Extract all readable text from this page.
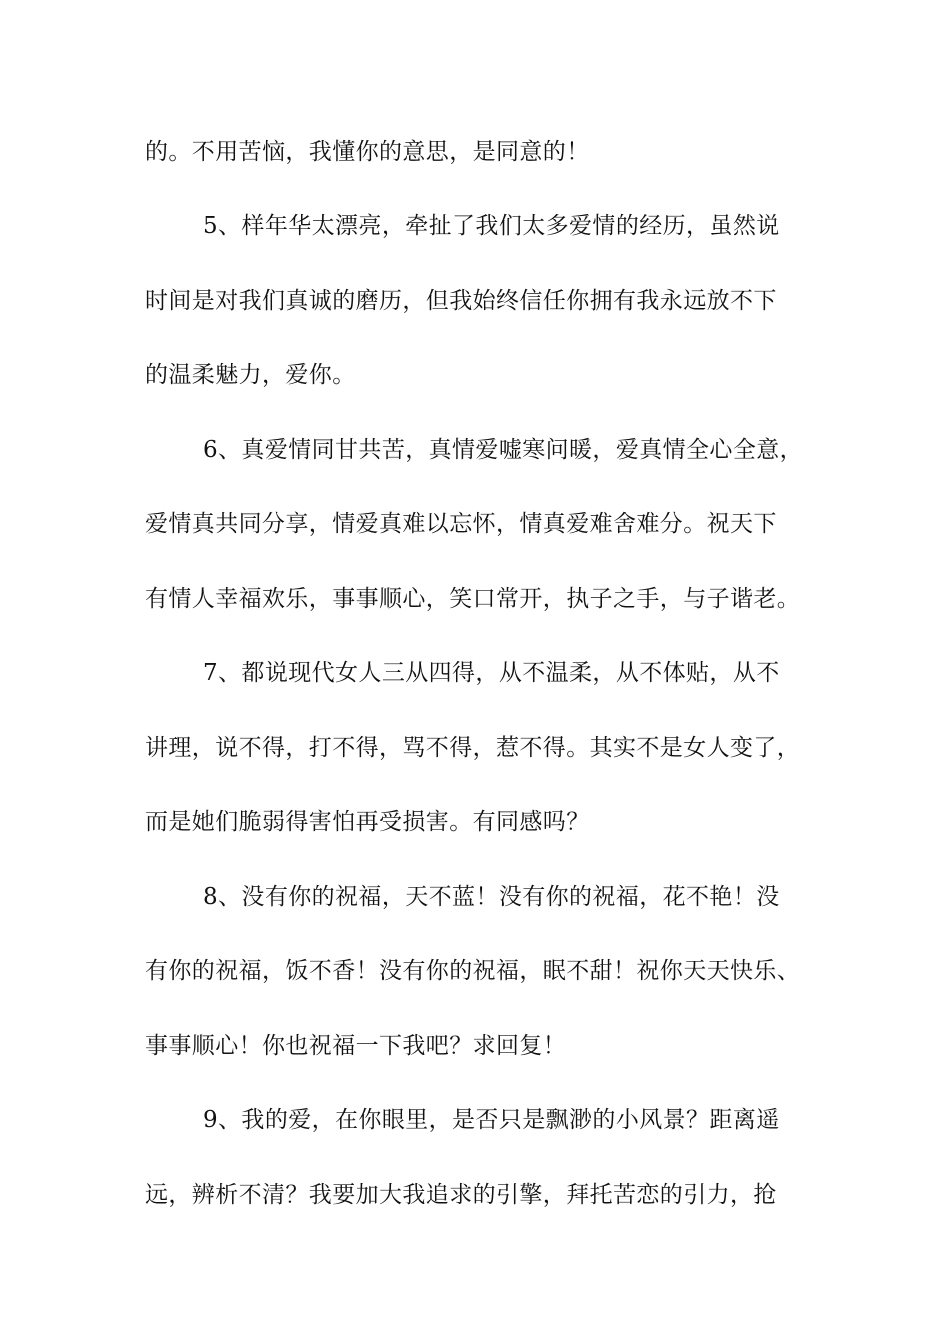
的。不用苦恼，我懂你的意思，是同意的！
5、样年华太漂亮，牵扯了我们太多爱情的经历，虽然说
时间是对我们真诚的磨历，但我始终信任你拥有我永远放不下
的温柔魅力，爱你。
6、真爱情同甘共苦，真情爱嘘寒问暖，爱真情全心全意，
爱情真共同分享，情爱真难以忘怀，情真爱难舍难分。祝天下
有情人幸福欢乐，事事顺心，笑口常开，执子之手，与子谐老。
7、都说现代女人三从四得，从不温柔，从不体贴，从不
讲理，说不得，打不得，骂不得，惹不得。其实不是女人变了，
而是她们脆弱得害怕再受损害。有同感吗？
8、没有你的祝福，天不蓝！没有你的祝福，花不艳！没
有你的祝福，饭不香！没有你的祝福，眠不甜！祝你天天快乐、
事事顺心！你也祝福一下我吧？求回复！
9、我的爱，在你眼里，是否只是飘渺的小风景？距离遥
远，辨析不清？我要加大我追求的引擎，拜托苦恋的引力，抢
